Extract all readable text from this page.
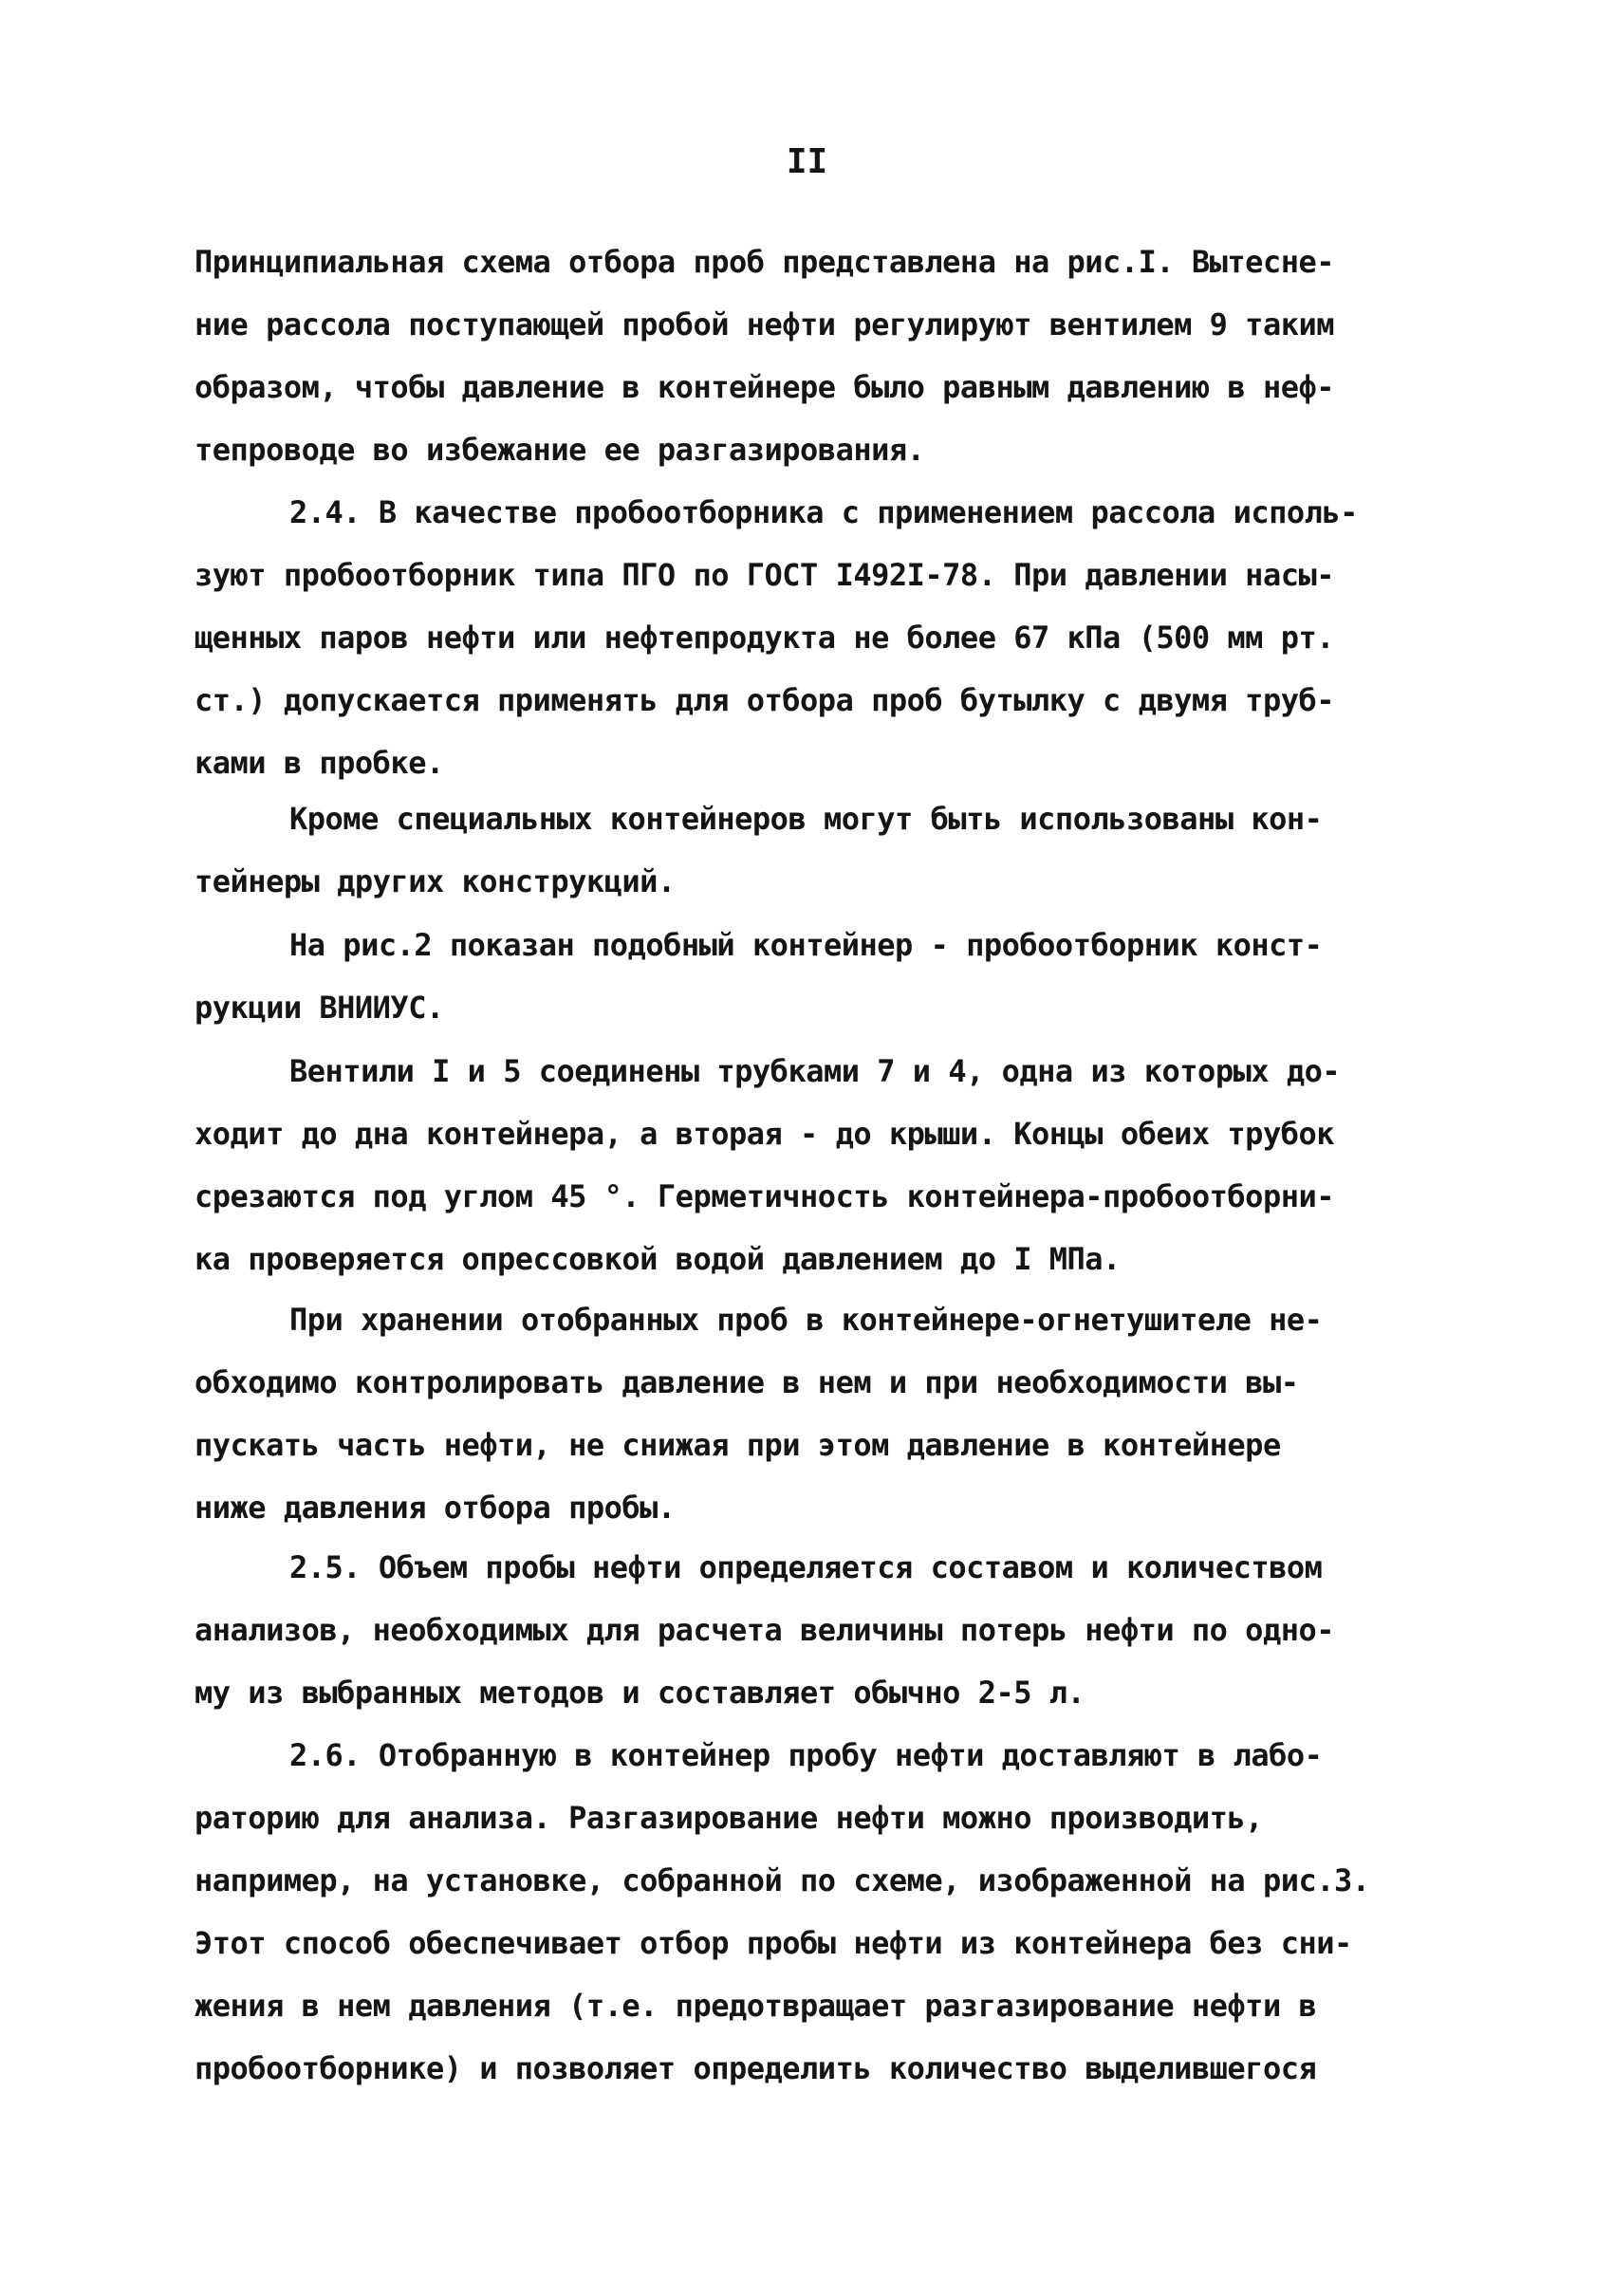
II
Принципиальная схема отбора проб представлена на рис.I. Вытесне-
ние рассола поступающей пробой нефти регулируют вентилем 9 таким
образом, чтобы давление в контейнере было равным давлению в неф-
тепроводе во избежание ее разгазирования.
2.4. В качестве пробоотборника с применением рассола исполь-
зуют пробоотборник типа ПГО по ГОСТ I492I-78. При давлении насы-
щенных паров нефти или нефтепродукта не более 67 кПа (500 мм рт.
ст.) допускается применять для отбора проб бутылку с двумя труб-
ками в пробке.
Кроме специальных контейнеров могут быть использованы кон-
тейнеры других конструкций.
На рис.2 показан подобный контейнер - пробоотборник конст-
рукции ВНИИУС.
Вентили I и 5 соединены трубками 7 и 4, одна из которых до-
ходит до дна контейнера, а вторая - до крыши. Концы обеих трубок
срезаются под углом 45 °. Герметичность контейнера-пробоотборни-
ка проверяется опрессовкой водой давлением до I МПа.
При хранении отобранных проб в контейнере-огнетушителе не-
обходимо контролировать давление в нем и при необходимости вы-
пускать часть нефти, не снижая при этом давление в контейнере
ниже давления отбора пробы.
2.5. Объем пробы нефти определяется составом и количеством
анализов, необходимых для расчета величины потерь нефти по одно-
му из выбранных методов и составляет обычно 2-5 л.
2.6. Отобранную в контейнер пробу нефти доставляют в лабо-
раторию для анализа. Разгазирование нефти можно производить,
например, на установке, собранной по схеме, изображенной на рис.3.
Этот способ обеспечивает отбор пробы нефти из контейнера без сни-
жения в нем давления (т.е. предотвращает разгазирование нефти в
пробоотборнике) и позволяет определить количество выделившегося
